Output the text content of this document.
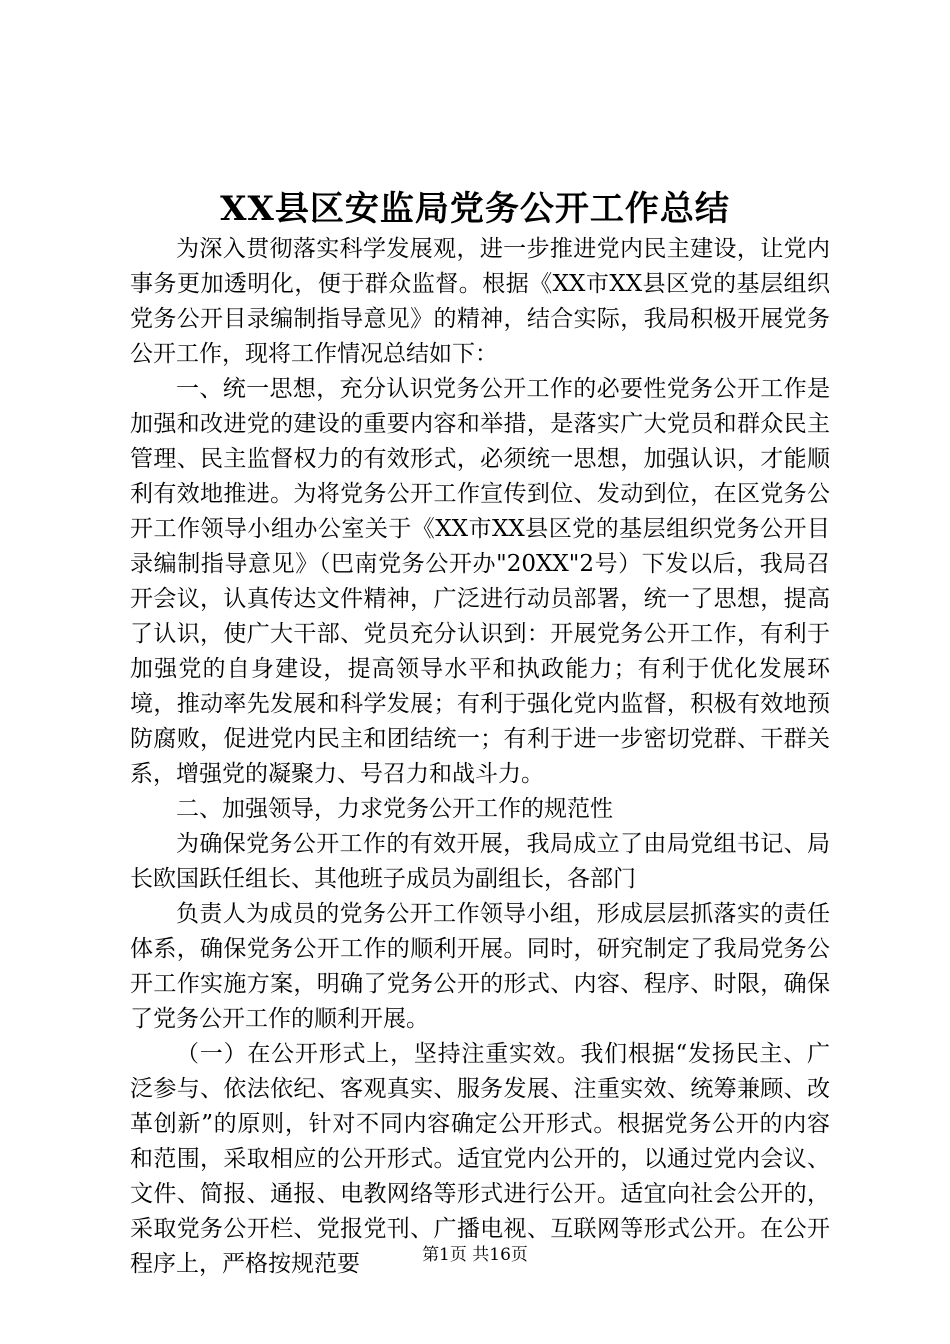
XX县区安监局党务公开工作总结

为深入贯彻落实科学发展观，进一步推进党内民主建设，让党内事务更加透明化，便于群众监督。根据《XX市XX县区党的基层组织党务公开目录编制指导意见》的精神，结合实际，我局积极开展党务公开工作，现将工作情况总结如下：

一、统一思想，充分认识党务公开工作的必要性党务公开工作是加强和改进党的建设的重要内容和举措，是落实广大党员和群众民主管理、民主监督权力的有效形式，必须统一思想，加强认识，才能顺利有效地推进。为将党务公开工作宣传到位、发动到位，在区党务公开工作领导小组办公室关于《XX市XX县区党的基层组织党务公开目录编制指导意见》（巴南党务公开办"20XX"2号）下发以后，我局召开会议，认真传达文件精神，广泛进行动员部署，统一了思想，提高了认识，使广大干部、党员充分认识到：开展党务公开工作，有利于加强党的自身建设，提高领导水平和执政能力；有利于优化发展环境，推动率先发展和科学发展；有利于强化党内监督，积极有效地预防腐败，促进党内民主和团结统一；有利于进一步密切党群、干群关系，增强党的凝聚力、号召力和战斗力。

二、加强领导，力求党务公开工作的规范性

为确保党务公开工作的有效开展，我局成立了由局党组书记、局长欧国跃任组长、其他班子成员为副组长，各部门

负责人为成员的党务公开工作领导小组，形成层层抓落实的责任体系，确保党务公开工作的顺利开展。同时，研究制定了我局党务公开工作实施方案，明确了党务公开的形式、内容、程序、时限，确保了党务公开工作的顺利开展。

（一）在公开形式上，坚持注重实效。我们根据“发扬民主、广泛参与、依法依纪、客观真实、服务发展、注重实效、统筹兼顾、改革创新”的原则，针对不同内容确定公开形式。根据党务公开的内容和范围，采取相应的公开形式。适宜党内公开的，以通过党内会议、文件、简报、通报、电教网络等形式进行公开。适宜向社会公开的，采取党务公开栏、党报党刊、广播电视、互联网等形式公开。在公开程序上，严格按规范要	第1页 共16页
